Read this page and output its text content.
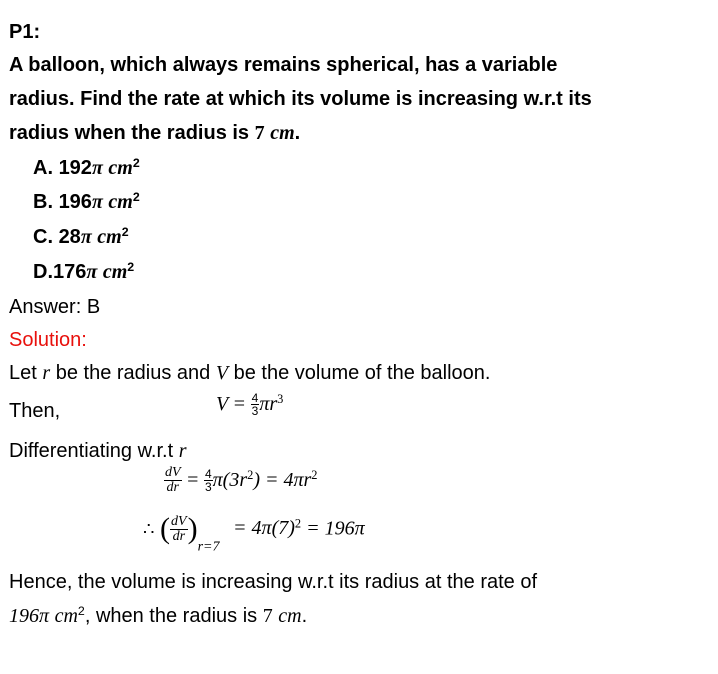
P1:
A balloon, which always remains spherical, has a variable
radius. Find the rate at which its volume is increasing w.r.t its
radius when the radius is 7 cm.
A. 192π $cm^2$
B. 196π $cm^2$
C. 28π $cm^2$
D.176π $cm^2$
Answer: B
Solution:
Let r be the radius and V be the volume of the balloon.
Then,	$V = \frac{4}{3} \pi r^3$
Differentiating w.r.t r
$\frac{dV}{dr} = \frac{4}{3} \pi(3r^2) = 4\pi r^2$
∴ ( $\frac{dV}{dr} )_{r=7} = 4\pi(7)^2 = 196\pi$
Hence, the volume is increasing w.r.t its radius at the rate of
196π $cm^2$, when the radius is 7 cm.
